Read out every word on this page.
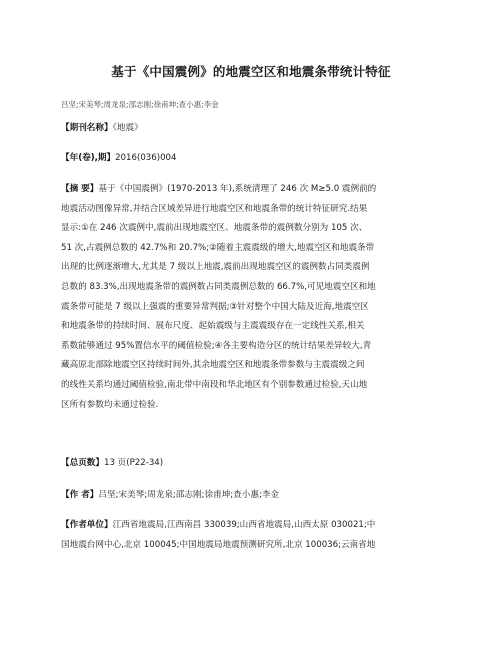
基于《中国震例》的地震空区和地震条带统计特征
吕坚;宋美琴;周龙泉;邵志刚;徐甫坤;查小惠;李金
【期刊名称】《地震》
【年(卷),期】2016(036)004
【摘 要】基于《中国震例》(1970-2013 年),系统清理了 246 次 M≥5.0 震例前的
地震活动图像异常,并结合区域差异进行地震空区和地震条带的统计特征研究.结果
显示:①在 246 次震例中,震前出现地震空区、地震条带的震例数分别为 105 次、
51 次,占震例总数的 42.7%和 20.7%;②随着主震震级的增大,地震空区和地震条带
出现的比例逐渐增大,尤其是 7 级以上地震,震前出现地震空区的震例数占同类震例
总数的 83.3%,出现地震条带的震例数占同类震例总数的 66.7%,可见地震空区和地
震条带可能是 7 级以上强震的重要异常判据;③针对整个中国大陆及近海,地震空区
和地震条带的持续时间、展布尺度、起始震级与主震震级存在一定线性关系,相关
系数能够通过 95%置信水平的阈值检验;④各主要构造分区的统计结果差异较大,青
藏高原北部除地震空区持续时间外,其余地震空区和地震条带参数与主震震级之间
的线性关系均通过阈值检验,南北带中南段和华北地区有个别参数通过检验,天山地
区所有参数均未通过检验.
【总页数】13 页(P22-34)
【作 者】吕坚;宋美琴;周龙泉;邵志刚;徐甫坤;查小惠;李金
【作者单位】江西省地震局,江西南昌 330039;山西省地震局,山西太原 030021;中
国地震台网中心,北京 100045;中国地震局地震预测研究所,北京 100036;云南省地
